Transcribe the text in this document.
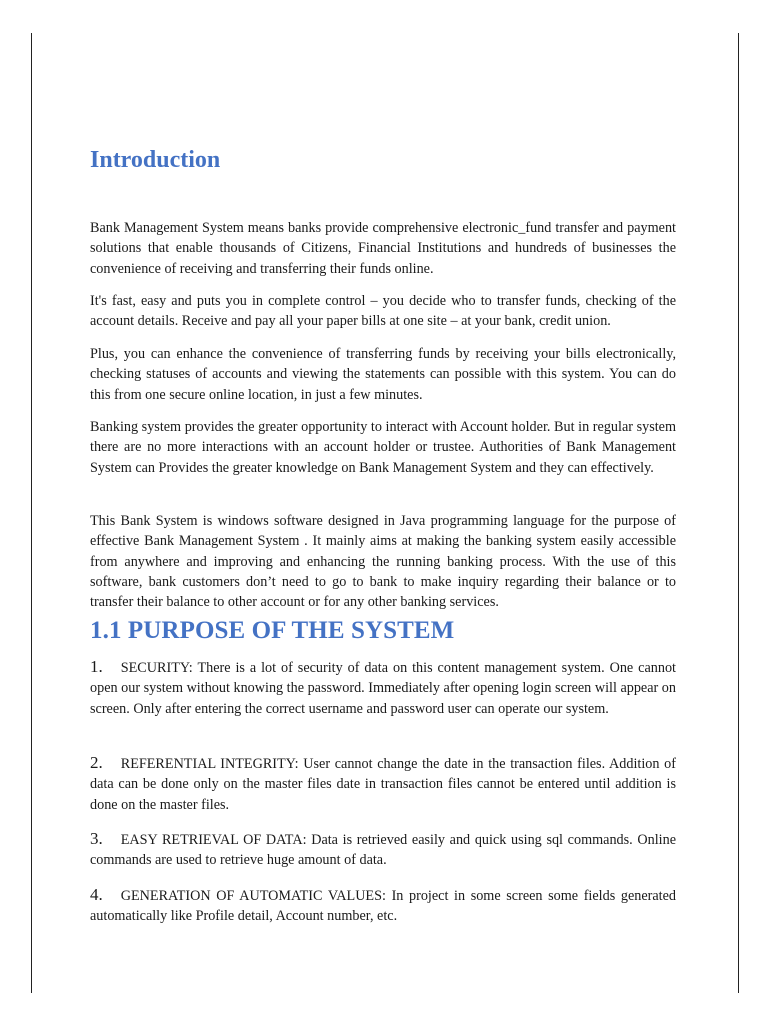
Introduction

Bank Management System means banks provide comprehensive electronic_fund transfer and payment solutions that enable thousands of Citizens, Financial Institutions and hundreds of businesses the convenience of receiving and transferring their funds online.

It's fast, easy and puts you in complete control – you decide who to transfer funds, checking of the account details. Receive and pay all your paper bills at one site – at your bank, credit union.

Plus, you can enhance the convenience of transferring funds by receiving your bills electronically, checking statuses of accounts and viewing the statements can possible with this system. You can do this from one secure online location, in just a few minutes.

Banking system provides the greater opportunity to interact with Account holder. But in regular system there are no more interactions with an account holder or trustee. Authorities of Bank Management System can Provides the greater knowledge on Bank Management System and they can effectively.

This Bank System is windows software designed in Java programming language for the purpose of effective Bank Management System . It mainly aims at making the banking system easily accessible from anywhere and improving and enhancing the running banking process. With the use of this software, bank customers don’t need to go to bank to make inquiry regarding their balance or to transfer their balance to other account or for any other banking services.

1.1 PURPOSE OF THE SYSTEM

1. SECURITY: There is a lot of security of data on this content management system. One cannot open our system without knowing the password. Immediately after opening login screen will appear on screen. Only after entering the correct username and password user can operate our system.

2. REFERENTIAL INTEGRITY: User cannot change the date in the transaction files. Addition of data can be done only on the master files date in transaction files cannot be entered until addition is done on the master files.

3. EASY RETRIEVAL OF DATA: Data is retrieved easily and quick using sql commands. Online commands are used to retrieve huge amount of data.

4. GENERATION OF AUTOMATIC VALUES: In project in some screen some fields generated automatically like Profile detail, Account number, etc.
